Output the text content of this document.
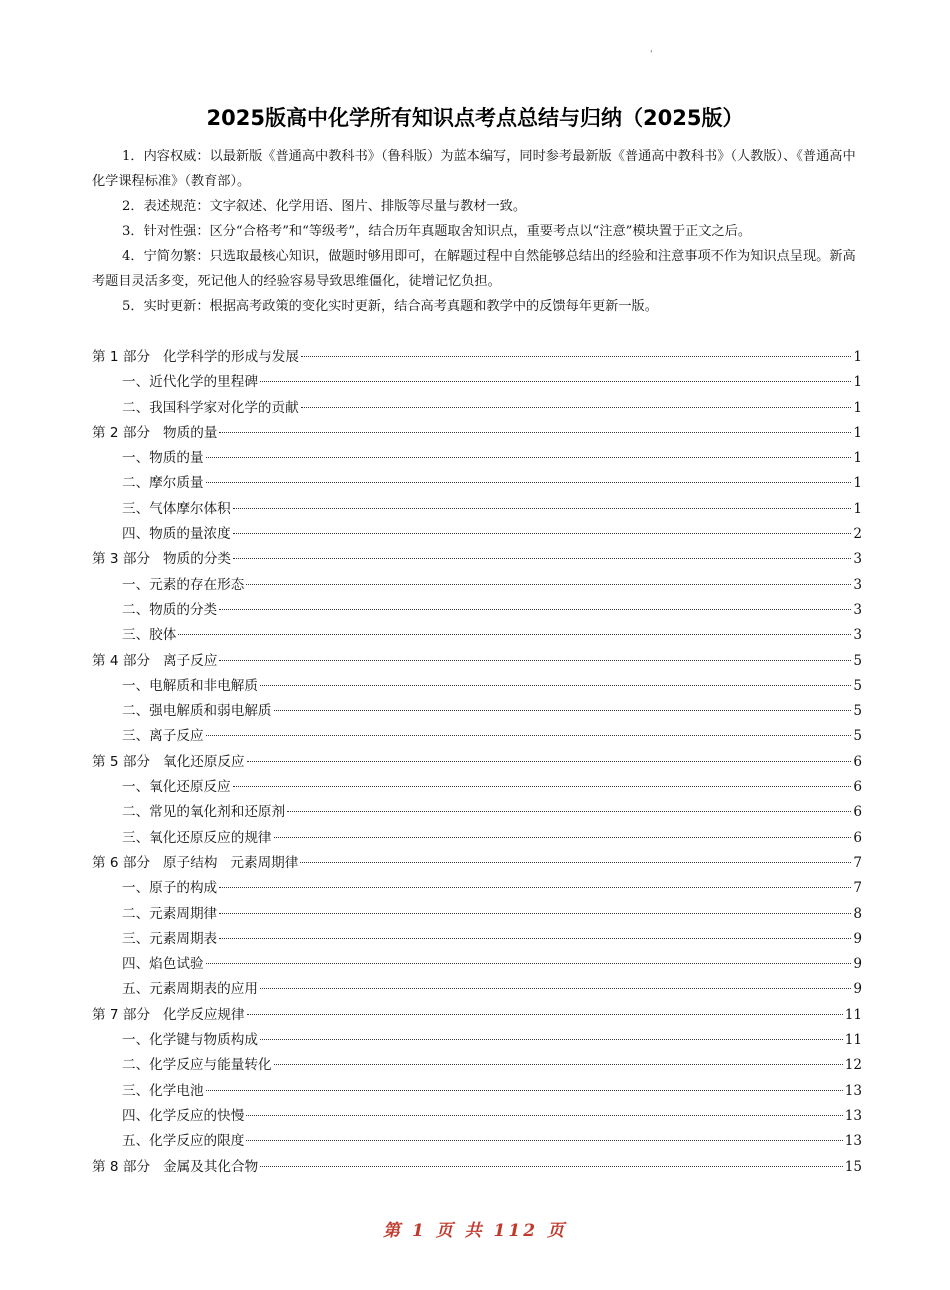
'
2025版高中化学所有知识点考点总结与归纳（2025版）

1．内容权威：以最新版《普通高中教科书》（鲁科版）为蓝本编写，同时参考最新版《普通高中教科书》（人教版）、《普通高中化学课程标准》（教育部）。

2．表述规范：文字叙述、化学用语、图片、排版等尽量与教材一致。

3．针对性强：区分“合格考”和“等级考”，结合历年真题取舍知识点，重要考点以“注意”模块置于正文之后。

4．宁简勿繁：只选取最核心知识，做题时够用即可，在解题过程中自然能够总结出的经验和注意事项不作为知识点呈现。新高考题目灵活多变，死记他人的经验容易导致思维僵化，徒增记忆负担。

5．实时更新：根据高考政策的变化实时更新，结合高考真题和教学中的反馈每年更新一版。

第 1 部分 化学科学的形成与发展	1
一、近代化学的里程碑	1
二、我国科学家对化学的贡献	1
第 2 部分 物质的量	1
一、物质的量	1
二、摩尔质量	1
三、气体摩尔体积	1
四、物质的量浓度	2
第 3 部分 物质的分类	3
一、元素的存在形态	3
二、物质的分类	3
三、胶体	3
第 4 部分 离子反应	5
一、电解质和非电解质	5
二、强电解质和弱电解质	5
三、离子反应	5
第 5 部分 氧化还原反应	6
一、氧化还原反应	6
二、常见的氧化剂和还原剂	6
三、氧化还原反应的规律	6
第 6 部分 原子结构   元素周期律	7
一、原子的构成	7
二、元素周期律	8
三、元素周期表	9
四、焰色试验	9
五、元素周期表的应用	9
第 7 部分 化学反应规律	11
一、化学键与物质构成	11
二、化学反应与能量转化	12
三、化学电池	13
四、化学反应的快慢	13
五、化学反应的限度	13
第 8 部分 金属及其化合物	15
第 1 页 共 112 页
